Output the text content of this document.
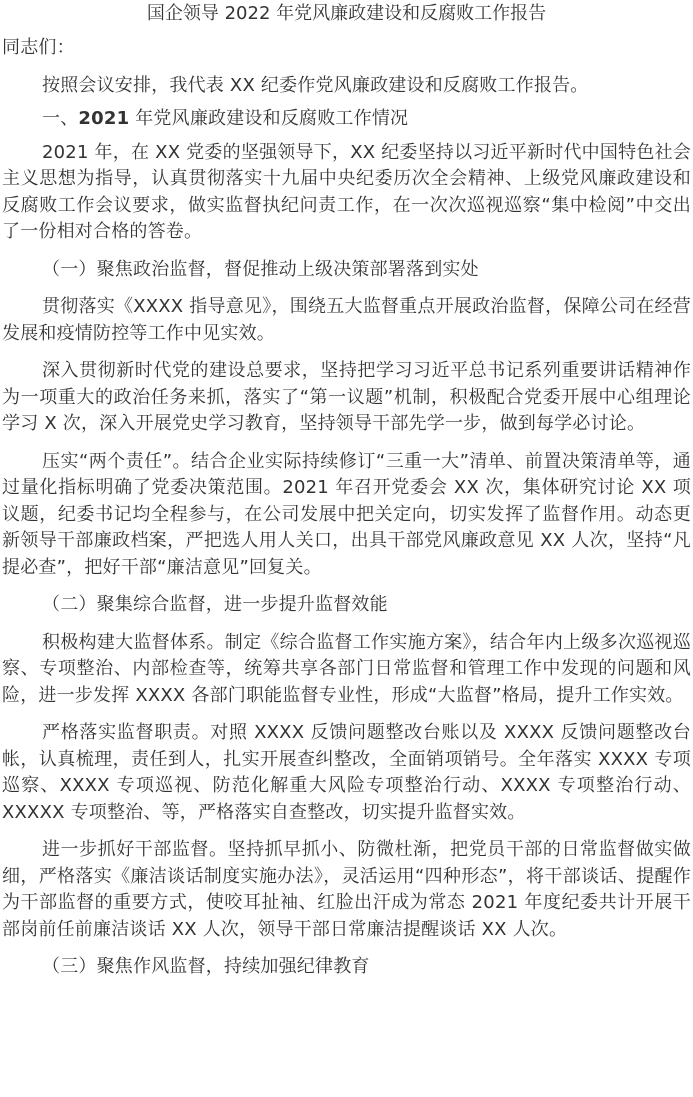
国企领导 2022 年党风廉政建设和反腐败工作报告

同志们：

按照会议安排，我代表 XX 纪委作党风廉政建设和反腐败工作报告。

一、2021 年党风廉政建设和反腐败工作情况

2021 年，在 XX 党委的坚强领导下，XX 纪委坚持以习近平新时代中国特色社会主义思想为指导，认真贯彻落实十九届中央纪委历次全会精神、上级党风廉政建设和反腐败工作会议要求，做实监督执纪问责工作，在一次次巡视巡察“集中检阅”中交出了一份相对合格的答卷。

（一）聚焦政治监督，督促推动上级决策部署落到实处

贯彻落实《XXXX 指导意见》，围绕五大监督重点开展政治监督，保障公司在经营发展和疫情防控等工作中见实效。

深入贯彻新时代党的建设总要求，坚持把学习习近平总书记系列重要讲话精神作为一项重大的政治任务来抓，落实了“第一议题”机制，积极配合党委开展中心组理论学习 X 次，深入开展党史学习教育，坚持领导干部先学一步，做到每学必讨论。

压实“两个责任”。结合企业实际持续修订“三重一大”清单、前置决策清单等，通过量化指标明确了党委决策范围。2021 年召开党委会 XX 次，集体研究讨论 XX 项议题，纪委书记均全程参与，在公司发展中把关定向，切实发挥了监督作用。动态更新领导干部廉政档案，严把选人用人关口，出具干部党风廉政意见 XX 人次，坚持“凡提必查”，把好干部“廉洁意见”回复关。

（二）聚集综合监督，进一步提升监督效能

积极构建大监督体系。制定《综合监督工作实施方案》，结合年内上级多次巡视巡察、专项整治、内部检查等，统筹共享各部门日常监督和管理工作中发现的问题和风险，进一步发挥 XXXX 各部门职能监督专业性，形成“大监督”格局，提升工作实效。

严格落实监督职责。对照 XXXX 反馈问题整改台账以及 XXXX 反馈问题整改台帐，认真梳理，责任到人，扎实开展查纠整改，全面销项销号。全年落实 XXXX 专项巡察、XXXX 专项巡视、防范化解重大风险专项整治行动、XXXX 专项整治行动、XXXXX 专项整治、等，严格落实自查整改，切实提升监督实效。

进一步抓好干部监督。坚持抓早抓小、防微杜渐，把党员干部的日常监督做实做细，严格落实《廉洁谈话制度实施办法》，灵活运用“四种形态”，将干部谈话、提醒作为干部监督的重要方式，使咬耳扯袖、红脸出汗成为常态 2021 年度纪委共计开展干部岗前任前廉洁谈话 XX 人次，领导干部日常廉洁提醒谈话 XX 人次。

（三）聚焦作风监督，持续加强纪律教育
